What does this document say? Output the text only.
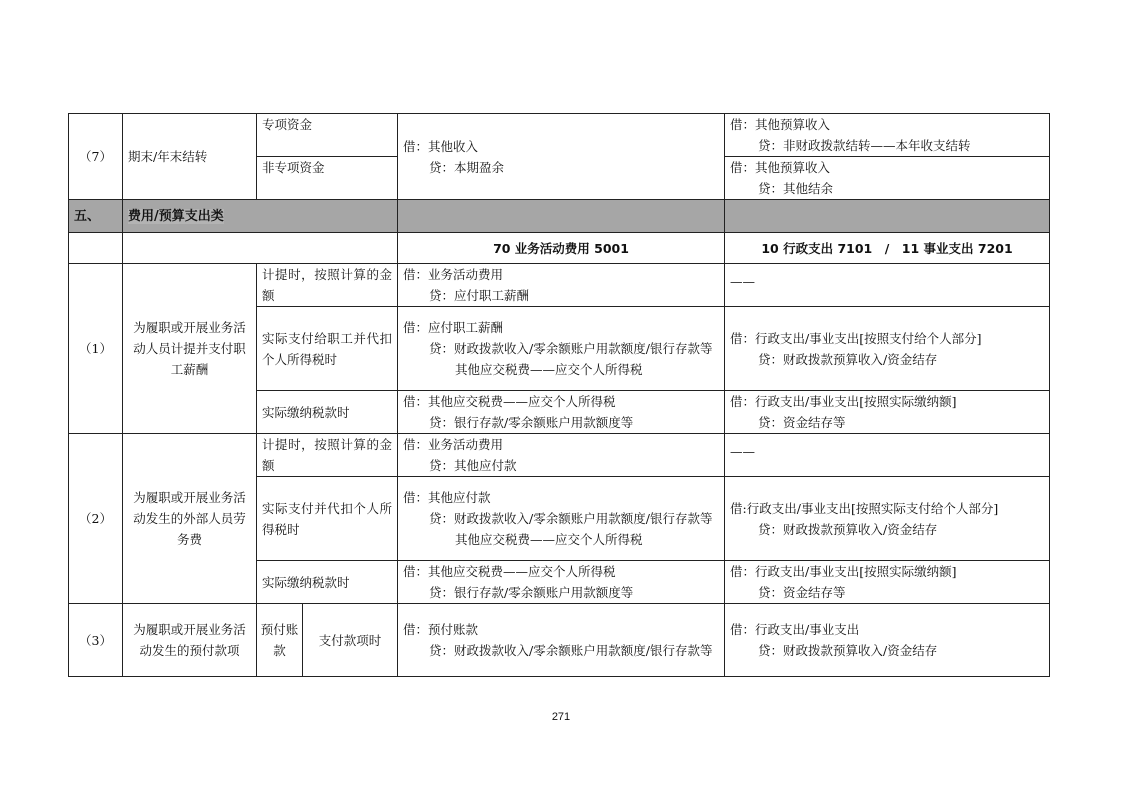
（7）	期末/年末结转	专项资金		借：其他收入
贷：本期盈余	借：其他预算收入
贷：非财政拨款结转——本年收支结转

		非专项资金			借：其他预算收入
贷：其他结余

五、	费用/预算支出类				
				70 业务活动费用 5001	10 行政支出 7101　/　11 事业支出 7201
（1）	为履职或开展业务活动人员计提并支付职工薪酬	计提时，按照计算的金额		借：业务活动费用
贷：应付职工薪酬	——
		实际支付给职工并代扣个人所得税时		借：应付职工薪酬
贷：财政拨款收入/零余额账户用款额度/银行存款等
其他应交税费——应交个人所得税	借：行政支出/事业支出[按照支付给个人部分]
贷：财政拨款预算收入/资金结存

		实际缴纳税款时		借：其他应交税费——应交个人所得税
贷：银行存款/零余额账户用款额度等	借：行政支出/事业支出[按照实际缴纳额]
贷：资金结存等

（2）	为履职或开展业务活动发生的外部人员劳务费	计提时，按照计算的金额		借：业务活动费用
贷：其他应付款	——
		实际支付并代扣个人所得税时		借：其他应付款
贷：财政拨款收入/零余额账户用款额度/银行存款等
其他应交税费——应交个人所得税	借:行政支出/事业支出[按照实际支付给个人部分]
贷：财政拨款预算收入/资金结存

		实际缴纳税款时		借：其他应交税费——应交个人所得税
贷：银行存款/零余额账户用款额度等	借：行政支出/事业支出[按照实际缴纳额]
贷：资金结存等

（3）	为履职或开展业务活动发生的预付款项	预付账款	支付款项时	借：预付账款
贷：财政拨款收入/零余额账户用款额度/银行存款等	借：行政支出/事业支出
贷：财政拨款预算收入/资金结存
271
